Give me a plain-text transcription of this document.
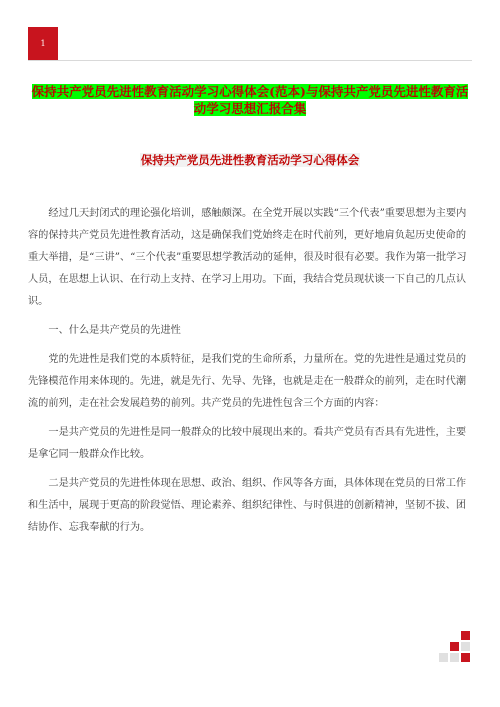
1
保持共产党员先进性教育活动学习心得体会(范本)与保持共产党员先进性教育活动学习思想汇报合集
保持共产党员先进性教育活动学习心得体会

经过几天封闭式的理论强化培训，感触颇深。在全党开展以实践“三个代表”重要思想为主要内容的保持共产党员先进性教育活动，这是确保我们党始终走在时代前列，更好地肩负起历史使命的重大举措，是“三讲”、“三个代表”重要思想学教活动的延伸，很及时很有必要。我作为第一批学习人员，在思想上认识、在行动上支持、在学习上用功。下面，我结合党员现状谈一下自己的几点认识。

一、什么是共产党员的先进性

党的先进性是我们党的本质特征，是我们党的生命所系，力量所在。党的先进性是通过党员的先锋模范作用来体现的。先进，就是先行、先导、先锋，也就是走在一般群众的前列，走在时代潮流的前列，走在社会发展趋势的前列。共产党员的先进性包含三个方面的内容：

一是共产党员的先进性是同一般群众的比较中展现出来的。看共产党员有否具有先进性，主要是拿它同一般群众作比较。

二是共产党员的先进性体现在思想、政治、组织、作风等各方面，具体体现在党员的日常工作和生活中，展现于更高的阶段觉悟、理论素养、组织纪律性、与时俱进的创新精神，坚韧不拔、团结协作、忘我奉献的行为。
